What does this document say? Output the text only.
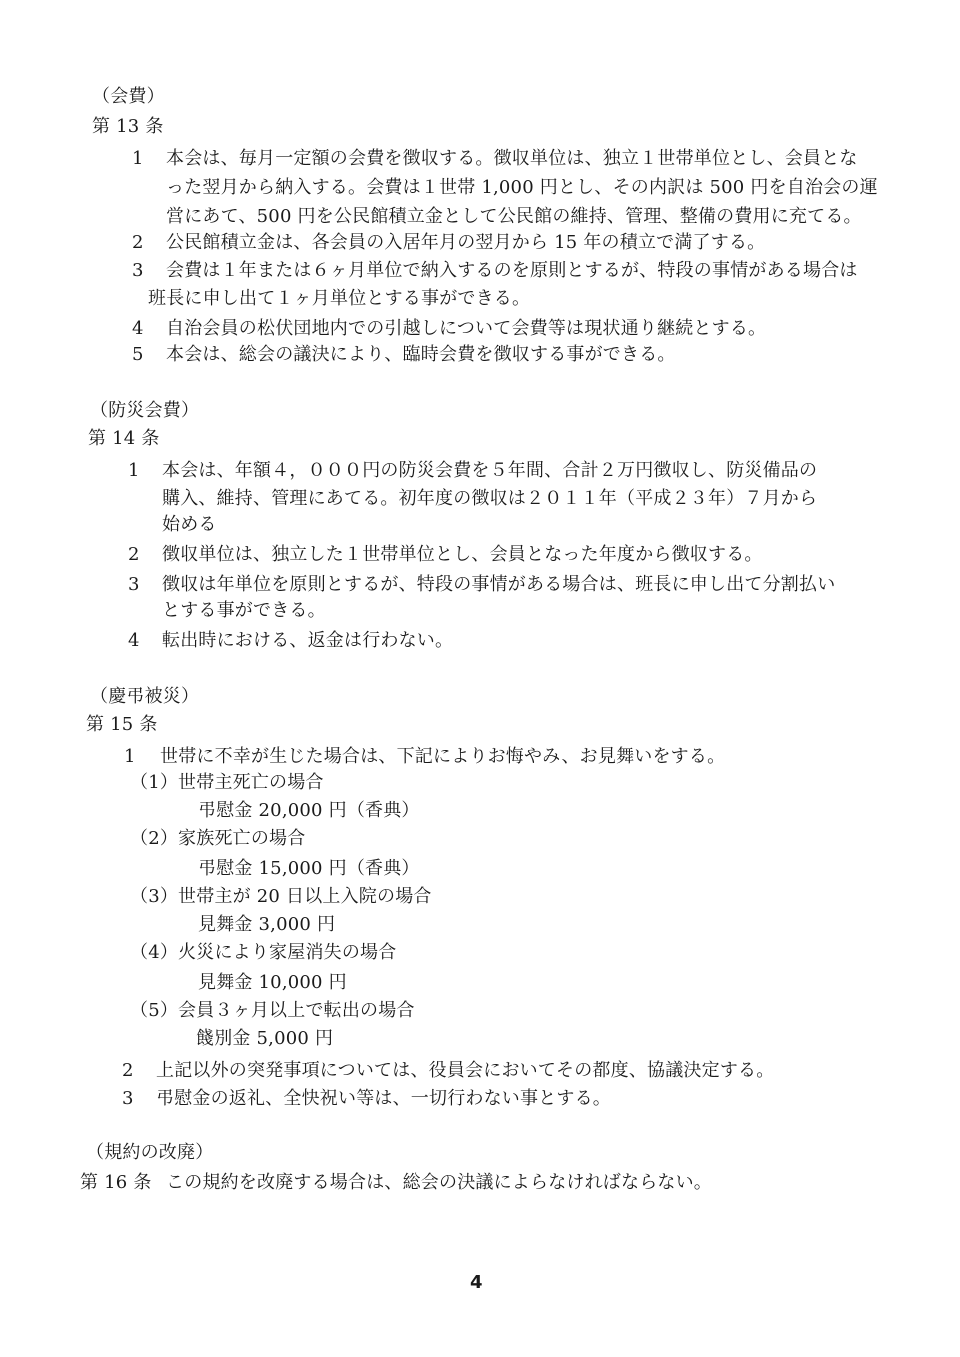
（会費）
第 13 条
1 本会は、毎月一定額の会費を徴収する。徴収単位は、独立１世帯単位とし、会員とな
った翌月から納入する。会費は１世帯 1,000 円とし、その内訳は 500 円を自治会の運
営にあて、500 円を公民館積立金として公民館の維持、管理、整備の費用に充てる。
2 公民館積立金は、各会員の入居年月の翌月から 15 年の積立で満了する。
3 会費は１年または６ヶ月単位で納入するのを原則とするが、特段の事情がある場合は
班長に申し出て１ヶ月単位とする事ができる。
4 自治会員の松伏団地内での引越しについて会費等は現状通り継続とする。
5 本会は、総会の議決により、臨時会費を徴収する事ができる。
（防災会費）
第 14 条
1 本会は、年額４，０００円の防災会費を５年間、合計２万円徴収し、防災備品の
購入、維持、管理にあてる。初年度の徴収は２０１１年（平成２３年）７月から
始める
2 徴収単位は、独立した１世帯単位とし、会員となった年度から徴収する。
3 徴収は年単位を原則とするが、特段の事情がある場合は、班長に申し出て分割払い
とする事ができる。
4 転出時における、返金は行わない。
（慶弔被災）
第 15 条
1 世帯に不幸が生じた場合は、下記によりお悔やみ、お見舞いをする。
（1）世帯主死亡の場合
弔慰金 20,000 円（香典）
（2）家族死亡の場合
弔慰金 15,000 円（香典）
（3）世帯主が 20 日以上入院の場合
見舞金 3,000 円
（4）火災により家屋消失の場合
見舞金 10,000 円
（5）会員３ヶ月以上で転出の場合
餞別金 5,000 円
2 上記以外の突発事項については、役員会においてその都度、協議決定する。
3 弔慰金の返礼、全快祝い等は、一切行わない事とする。
（規約の改廃）
第 16 条 この規約を改廃する場合は、総会の決議によらなければならない。
4
